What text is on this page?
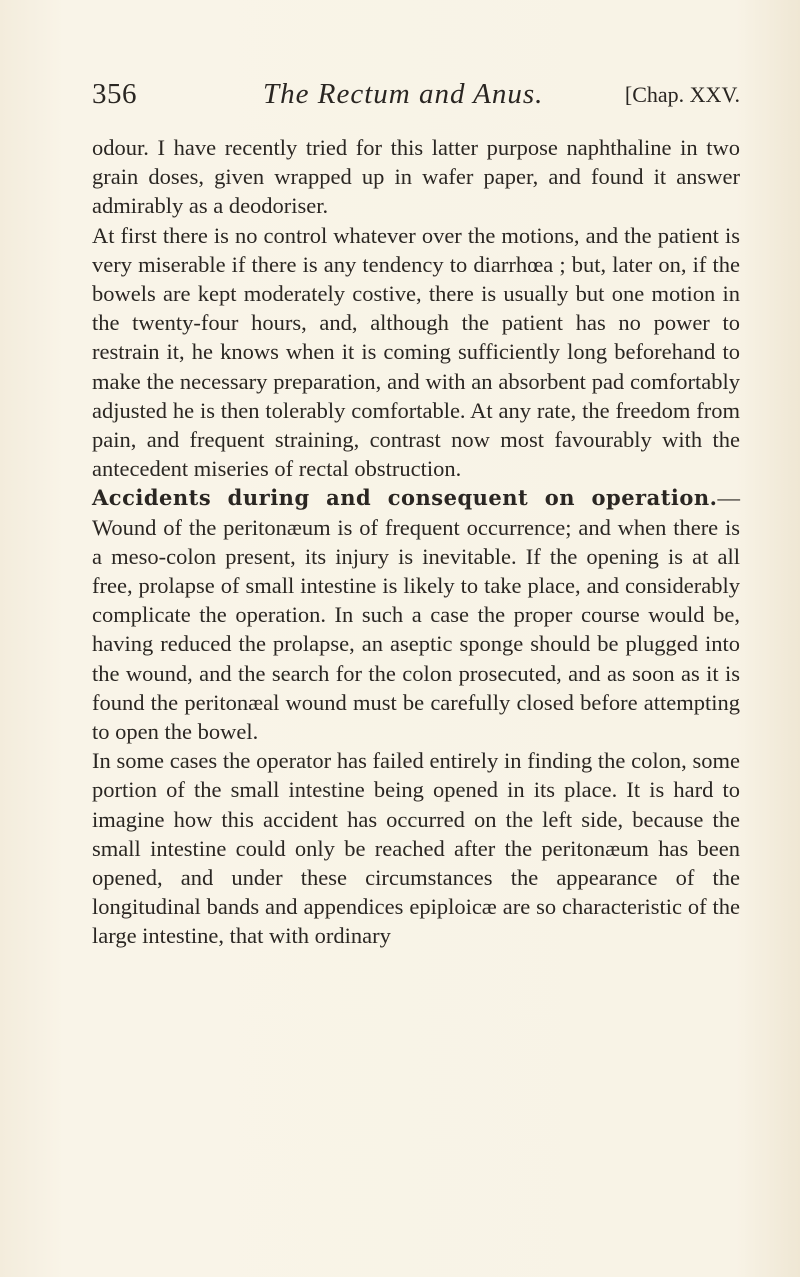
356	The Rectum and Anus.	[Chap. XXV.

odour. I have recently tried for this latter purpose naphthaline in two grain doses, given wrapped up in wafer paper, and found it answer admirably as a deodoriser.

At first there is no control whatever over the motions, and the patient is very miserable if there is any tendency to diarrhœa ; but, later on, if the bowels are kept moderately costive, there is usually but one motion in the twenty-four hours, and, although the patient has no power to restrain it, he knows when it is coming sufficiently long beforehand to make the necessary preparation, and with an absorbent pad comfortably adjusted he is then tolerably comfortable. At any rate, the freedom from pain, and frequent straining, contrast now most favourably with the antecedent miseries of rectal obstruction.

Accidents during and consequent on operation.—Wound of the peritonæum is of frequent occurrence; and when there is a meso-colon present, its injury is inevitable. If the opening is at all free, prolapse of small intestine is likely to take place, and considerably complicate the operation. In such a case the proper course would be, having reduced the prolapse, an aseptic sponge should be plugged into the wound, and the search for the colon prosecuted, and as soon as it is found the peritonæal wound must be carefully closed before attempting to open the bowel.

In some cases the operator has failed entirely in finding the colon, some portion of the small intestine being opened in its place. It is hard to imagine how this accident has occurred on the left side, because the small intestine could only be reached after the peritonæum has been opened, and under these circumstances the appearance of the longitudinal bands and appendices epiploicæ are so characteristic of the large intestine, that with ordinary
